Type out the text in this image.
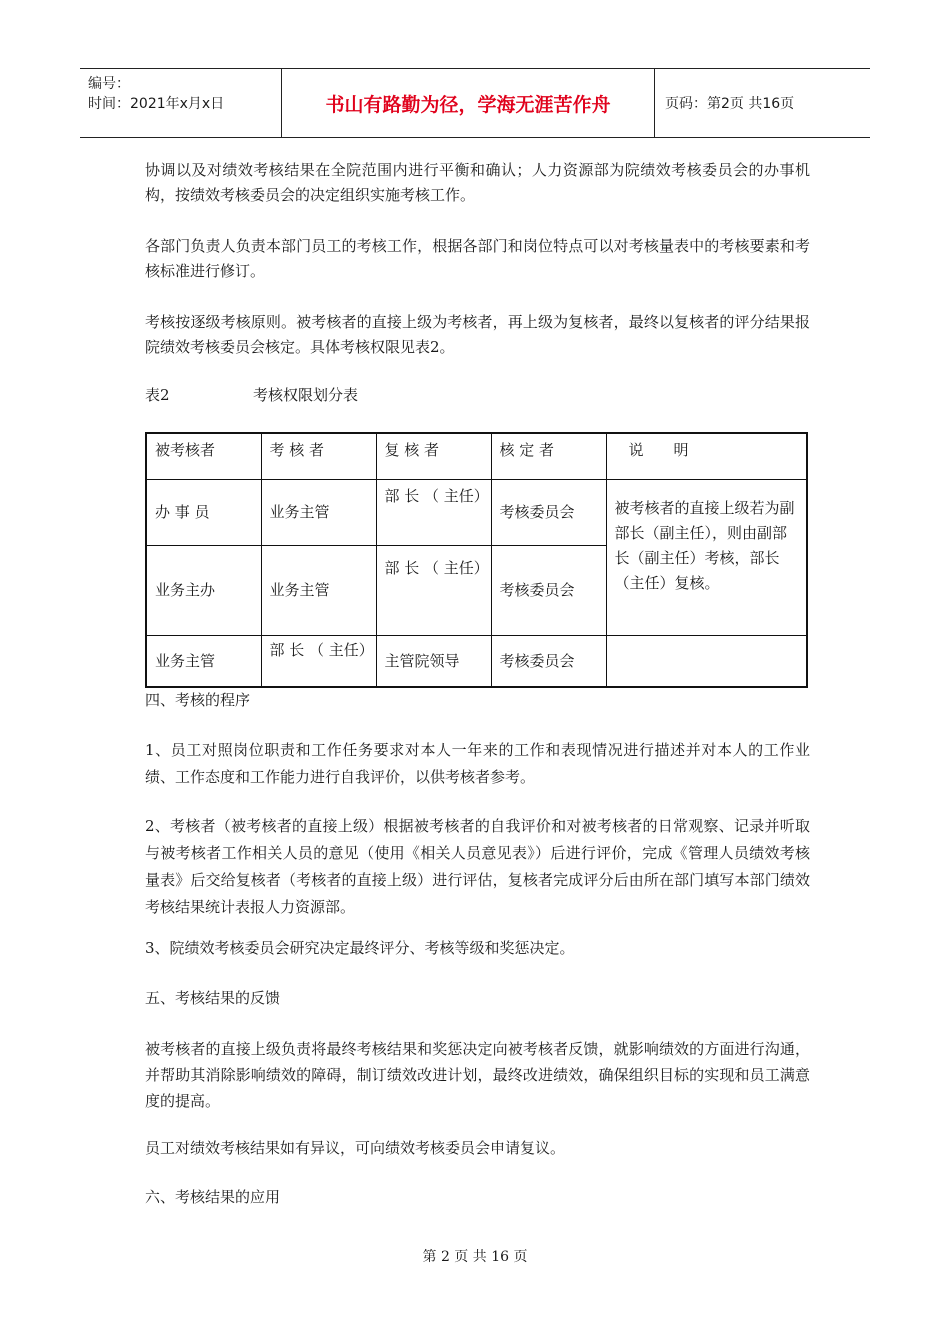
编号：
时间：2021年x月x日	书山有路勤为径，学海无涯苦作舟	页码：第2页 共16页

协调以及对绩效考核结果在全院范围内进行平衡和确认；人力资源部为院绩效考核委员会的办事机构，按绩效考核委员会的决定组织实施考核工作。

各部门负责人负责本部门员工的考核工作，根据各部门和岗位特点可以对考核量表中的考核要素和考核标准进行修订。

考核按逐级考核原则。被考核者的直接上级为考核者，再上级为复核者，最终以复核者的评分结果报院绩效考核委员会核定。具体考核权限见表2。

表2	考核权限划分表
被考核者	考 核 者	复 核 者	核 定 者	说　　明
办 事 员	业务主管	部 长 （ 主任）	考核委员会	被考核者的直接上级若为副部长（副主任），则由副部长（副主任）考核，部长（主任）复核。
业务主办	业务主管	部 长 （ 主任）	考核委员会	
业务主管	部 长 （ 主任）	主管院领导	考核委员会	

四、考核的程序

1、员工对照岗位职责和工作任务要求对本人一年来的工作和表现情况进行描述并对本人的工作业绩、工作态度和工作能力进行自我评价，以供考核者参考。

2、考核者（被考核者的直接上级）根据被考核者的自我评价和对被考核者的日常观察、记录并听取与被考核者工作相关人员的意见（使用《相关人员意见表》）后进行评价，完成《管理人员绩效考核量表》后交给复核者（考核者的直接上级）进行评估，复核者完成评分后由所在部门填写本部门绩效考核结果统计表报人力资源部。

3、院绩效考核委员会研究决定最终评分、考核等级和奖惩决定。

五、考核结果的反馈

被考核者的直接上级负责将最终考核结果和奖惩决定向被考核者反馈，就影响绩效的方面进行沟通，并帮助其消除影响绩效的障碍，制订绩效改进计划，最终改进绩效，确保组织目标的实现和员工满意度的提高。

员工对绩效考核结果如有异议，可向绩效考核委员会申请复议。

六、考核结果的应用

第 2 页 共 16 页
